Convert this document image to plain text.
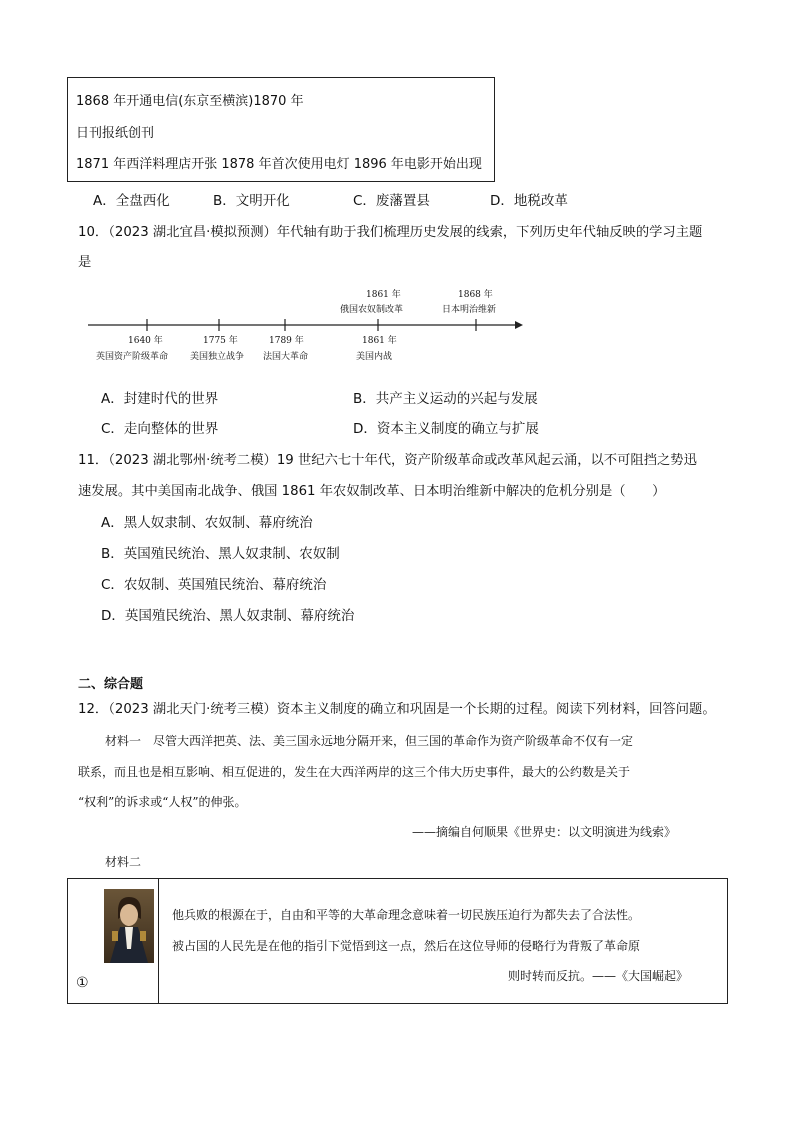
1868 年开通电信(东京至横滨)1870 年
日刊报纸创刊
1871 年西洋料理店开张 1878 年首次使用电灯 1896 年电影开始出现
A．全盘西化	B．文明开化	C．废藩置县	D．地税改革
10．（2023 湖北宜昌·模拟预测）年代轴有助于我们梳理历史发展的线索，下列历史年代轴反映的学习主题
是
1861 年
俄国农奴制改革
1868 年
日本明治维新
1640 年
英国资产阶级革命
1775 年
美国独立战争
1789 年
法国大革命
1861 年
美国内战
A．封建时代的世界	B．共产主义运动的兴起与发展
C．走向整体的世界	D．资本主义制度的确立与扩展
11．（2023 湖北鄂州·统考二模）19 世纪六七十年代，资产阶级革命或改革风起云涌，以不可阻挡之势迅
速发展。其中美国南北战争、俄国 1861 年农奴制改革、日本明治维新中解决的危机分别是（　　）
A．黑人奴隶制、农奴制、幕府统治
B．英国殖民统治、黑人奴隶制、农奴制
C．农奴制、英国殖民统治、幕府统治
D．英国殖民统治、黑人奴隶制、幕府统治
二、综合题
12．（2023 湖北天门·统考三模）资本主义制度的确立和巩固是一个长期的过程。阅读下列材料，回答问题。
材料一　尽管大西洋把英、法、美三国永远地分隔开来，但三国的革命作为资产阶级革命不仅有一定
联系，而且也是相互影响、相互促进的，发生在大西洋两岸的这三个伟大历史事件，最大的公约数是关于
“权利”的诉求或“人权”的伸张。
——摘编自何顺果《世界史：以文明演进为线索》
材料二
①
他兵败的根源在于，自由和平等的大革命理念意味着一切民族压迫行为都失去了合法性。
被占国的人民先是在他的指引下觉悟到这一点，然后在这位导师的侵略行为背叛了革命原
则时转而反抗。——《大国崛起》
